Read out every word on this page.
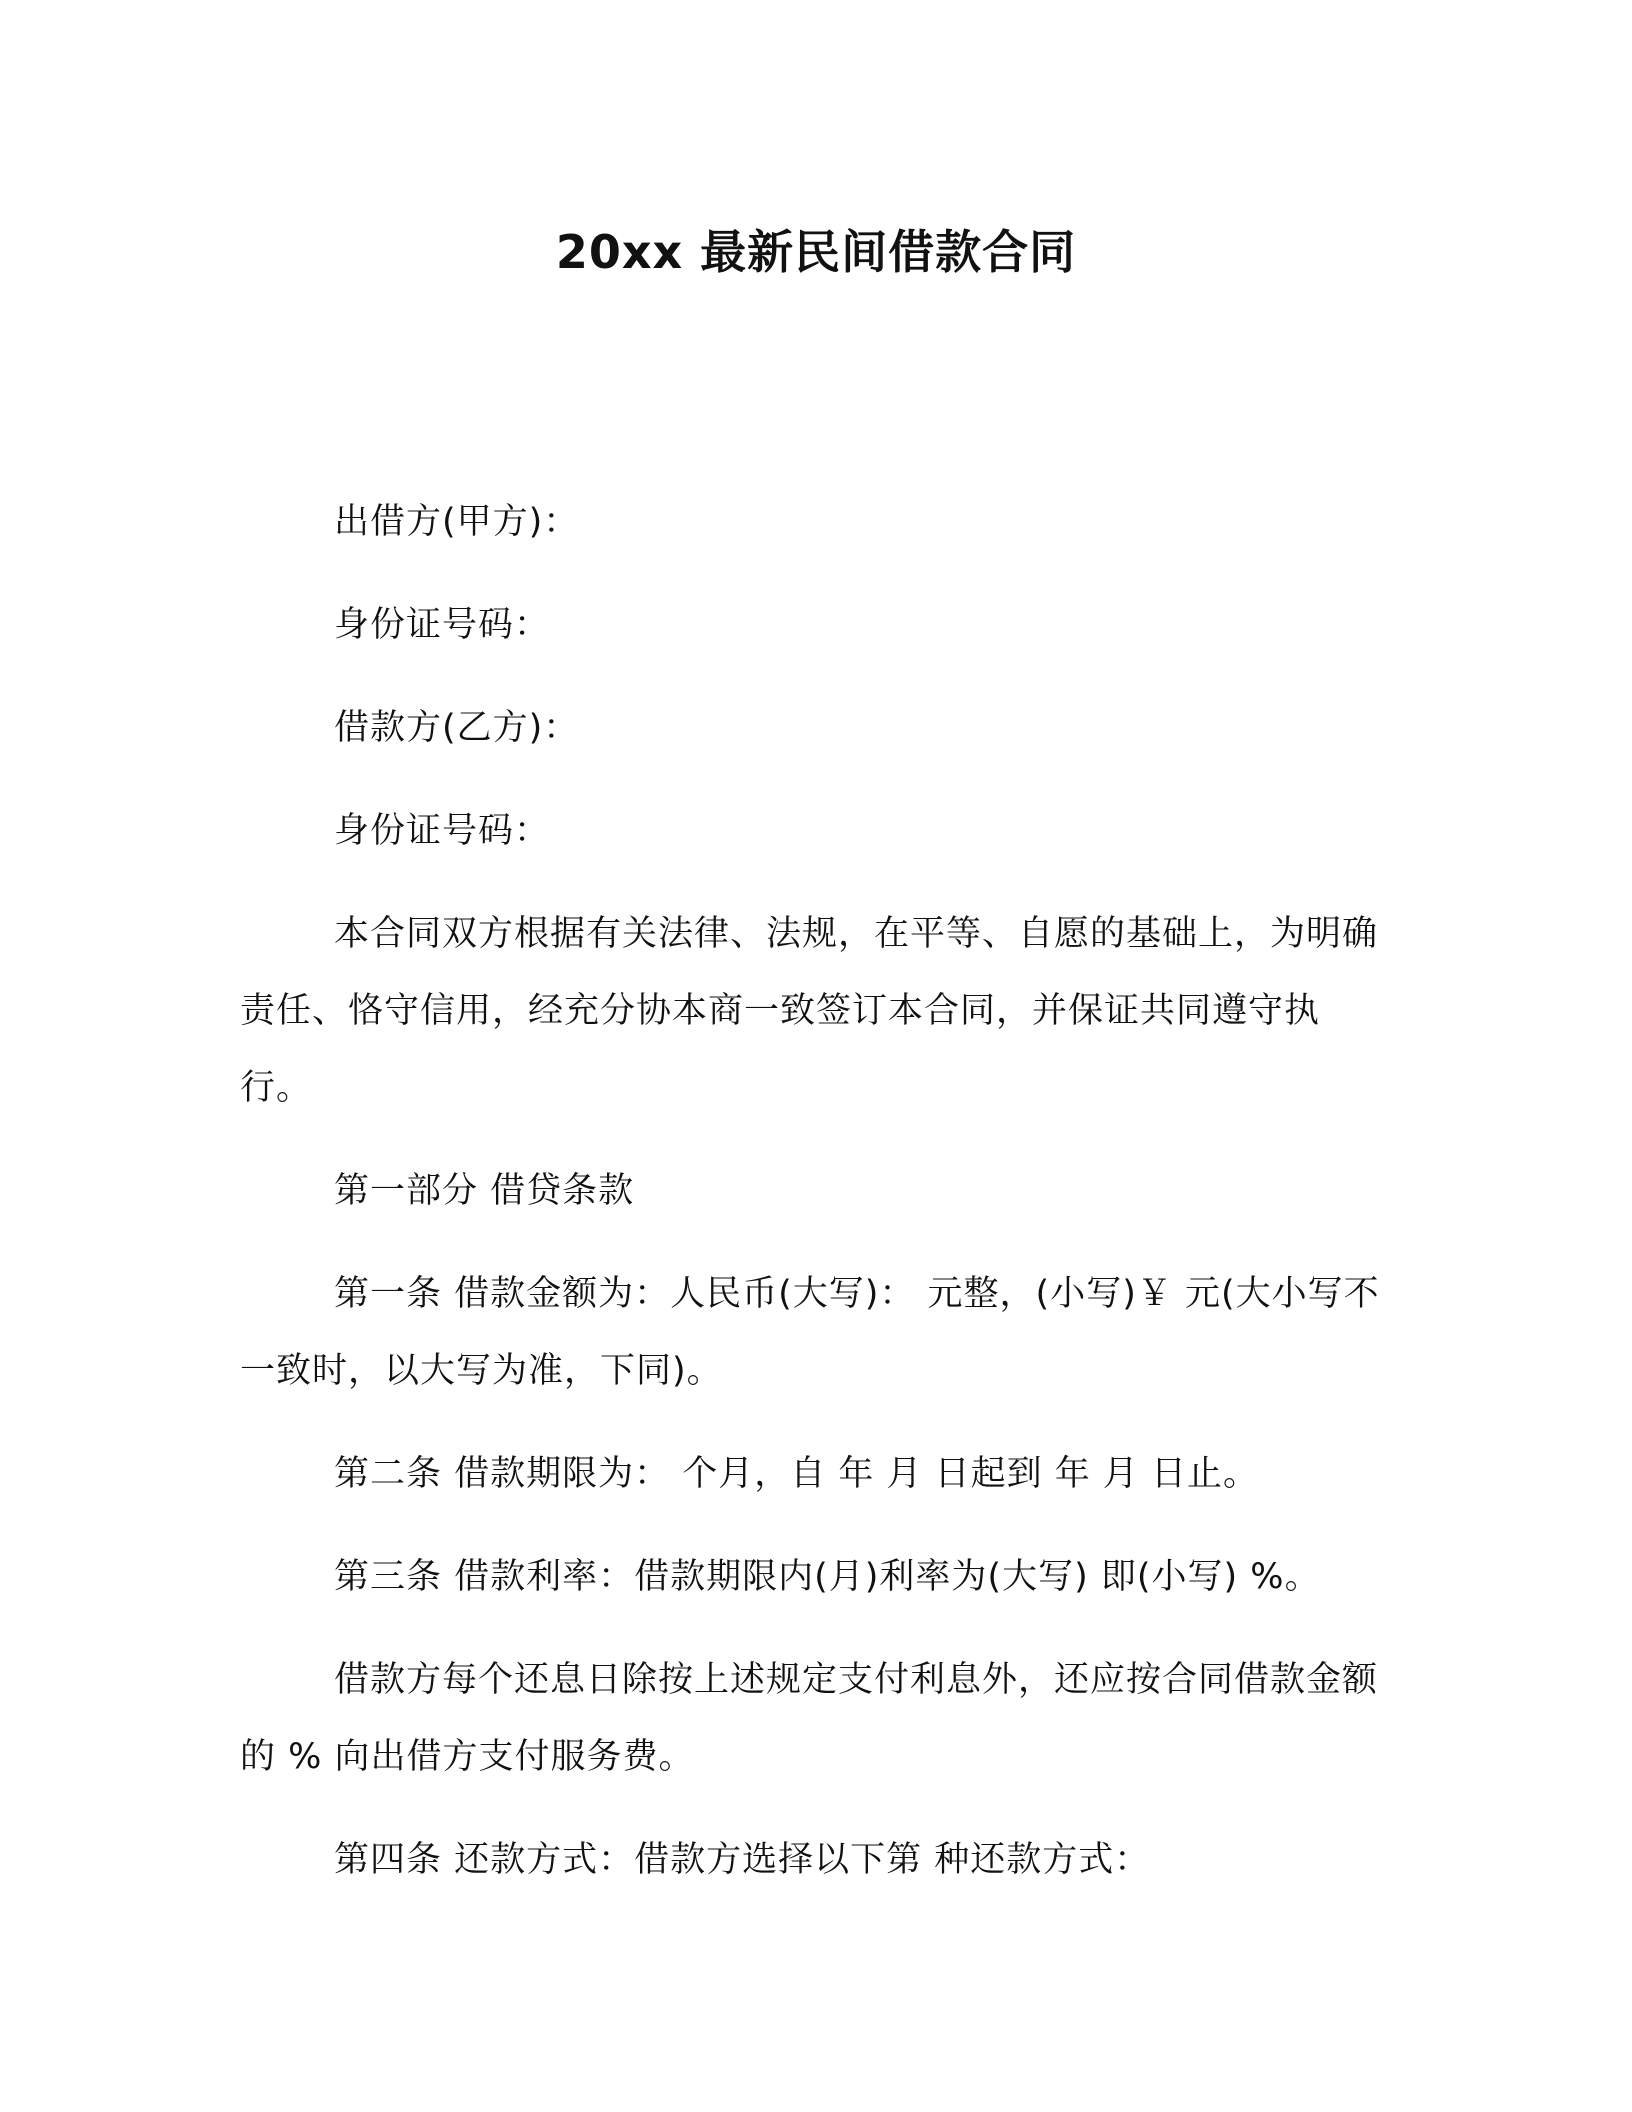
20xx 最新民间借款合同

出借方(甲方)：

身份证号码：

借款方(乙方)：

身份证号码：

本合同双方根据有关法律、法规，在平等、自愿的基础上，为明确责任、恪守信用，经充分协本商一致签订本合同，并保证共同遵守执行。

第一部分 借贷条款

第一条 借款金额为：人民币(大写)： 元整，(小写)￥ 元(大小写不一致时，以大写为准，下同)。

第二条 借款期限为： 个月，自 年 月 日起到 年 月 日止。

第三条 借款利率：借款期限内(月)利率为(大写) 即(小写) %。

借款方每个还息日除按上述规定支付利息外，还应按合同借款金额的 % 向出借方支付服务费。

第四条 还款方式：借款方选择以下第 种还款方式：
